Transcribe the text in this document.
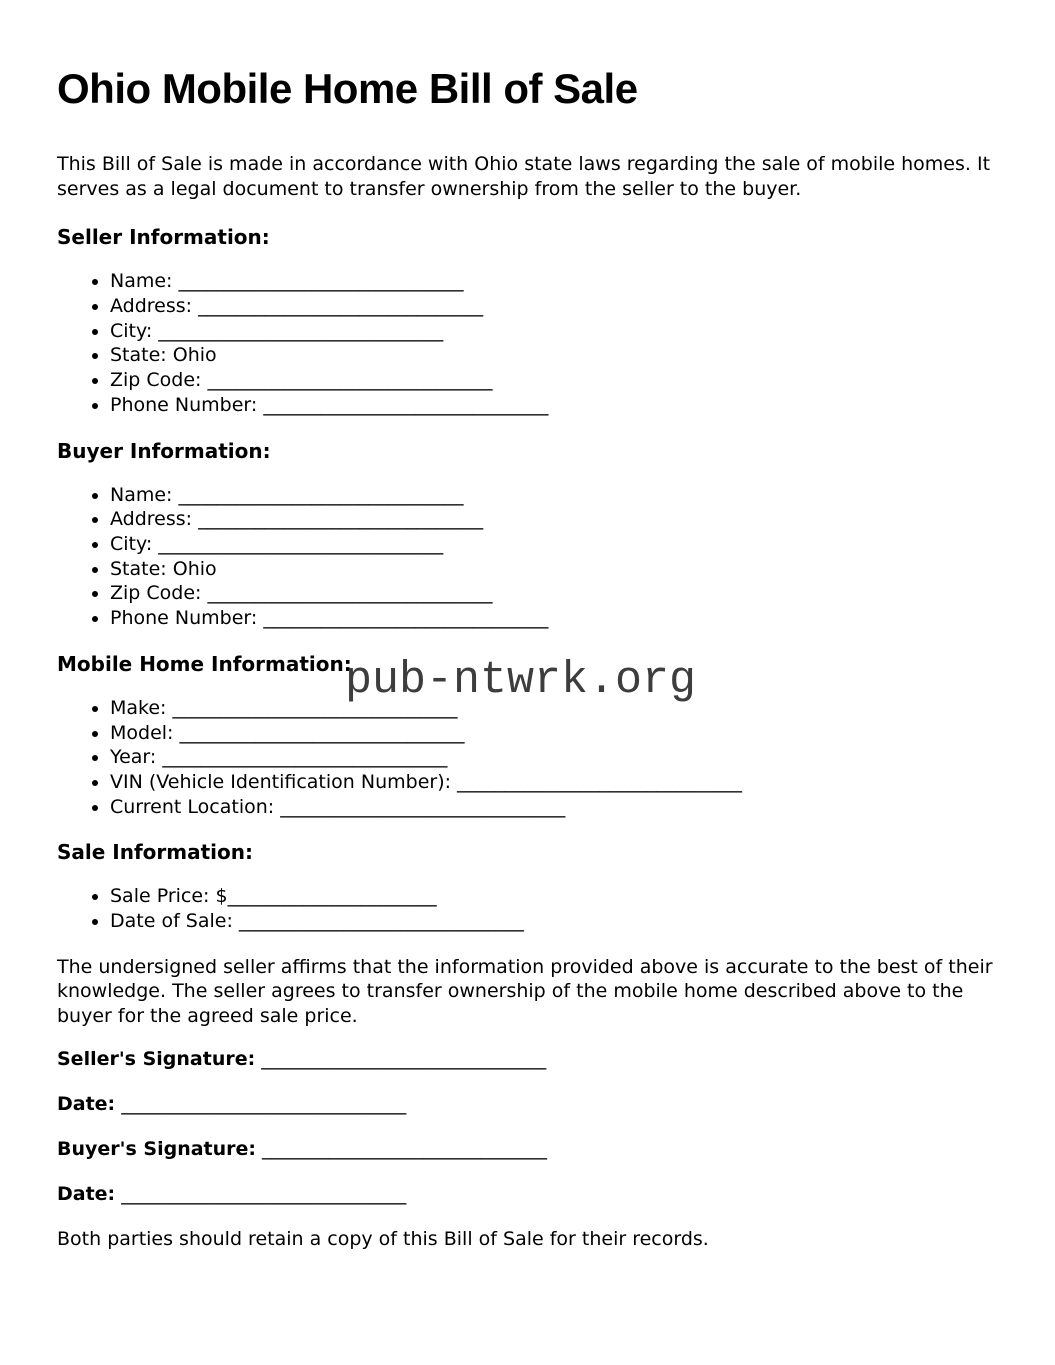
Ohio Mobile Home Bill of Sale

This Bill of Sale is made in accordance with Ohio state laws regarding the sale of mobile homes. It serves as a legal document to transfer ownership from the seller to the buyer.

Seller Information:
• Name: ______________________________
• Address: ______________________________
• City: ______________________________
• State: Ohio
• Zip Code: ______________________________
• Phone Number: ______________________________
Buyer Information:
• Name: ______________________________
• Address: ______________________________
• City: ______________________________
• State: Ohio
• Zip Code: ______________________________
• Phone Number: ______________________________
Mobile Home Information:
• Make: ______________________________
• Model: ______________________________
• Year: ______________________________
• VIN (Vehicle Identification Number): ______________________________
• Current Location: ______________________________
Sale Information:
• Sale Price: $______________________
• Date of Sale: ______________________________

The undersigned seller affirms that the information provided above is accurate to the best of their knowledge. The seller agrees to transfer ownership of the mobile home described above to the buyer for the agreed sale price.

Seller's Signature: ______________________________

Date: ______________________________

Buyer's Signature: ______________________________

Date: ______________________________

Both parties should retain a copy of this Bill of Sale for their records.

pub-ntwrk.org
